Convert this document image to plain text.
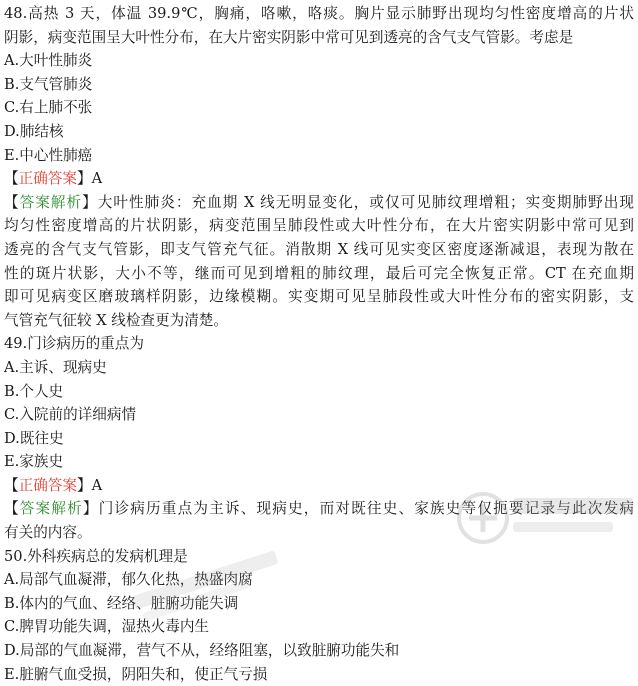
48.高热 3 天，体温 39.9℃，胸痛，咯嗽，咯痰。胸片显示肺野出现均匀性密度增高的片状
阴影，病变范围呈大叶性分布，在大片密实阴影中常可见到透亮的含气支气管影。考虑是
A.大叶性肺炎
B.支气管肺炎
C.右上肺不张
D.肺结核
E.中心性肺癌
【正确答案】A
【答案解析】大叶性肺炎：充血期 X 线无明显变化，或仅可见肺纹理增粗；实变期肺野出现
均匀性密度增高的片状阴影，病变范围呈肺段性或大叶性分布，在大片密实阴影中常可见到
透亮的含气支气管影，即支气管充气征。消散期 X 线可见实变区密度逐渐减退，表现为散在
性的斑片状影，大小不等，继而可见到增粗的肺纹理，最后可完全恢复正常。CT 在充血期
即可见病变区磨玻璃样阴影，边缘模糊。实变期可见呈肺段性或大叶性分布的密实阴影，支
气管充气征较 X 线检查更为清楚。
49.门诊病历的重点为
A.主诉、现病史
B.个人史
C.入院前的详细病情
D.既往史
E.家族史
【正确答案】A
【答案解析】门诊病历重点为主诉、现病史，而对既往史、家族史等仅扼要记录与此次发病
有关的内容。
50.外科疾病总的发病机理是
A.局部气血凝滞，郁久化热，热盛肉腐
B.体内的气血、经络、脏腑功能失调
C.脾胃功能失调，湿热火毒内生
D.局部的气血凝滞，营气不从，经络阻塞，以致脏腑功能失和
E.脏腑气血受损，阴阳失和，使正气亏损
